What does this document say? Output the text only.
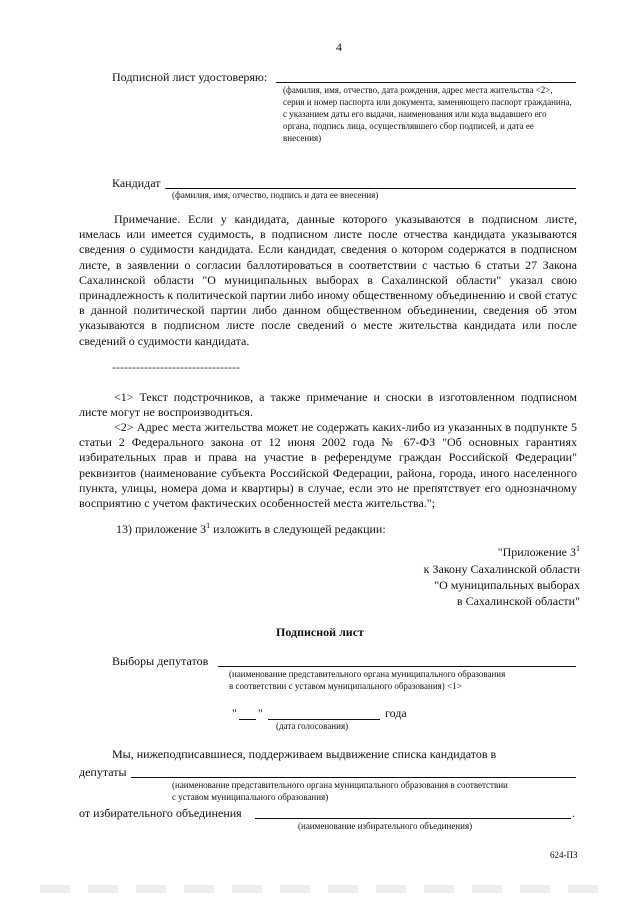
4
Подписной лист удостоверяю:
(фамилия, имя, отчество, дата рождения, адрес места жительства <2>, серия и номер паспорта или документа, заменяющего паспорт гражданина, с указанием даты его выдачи, наименования или кода выдавшего его органа, подпись лица, осуществлявшего сбор подписей, и дата ее внесения)
Кандидат
(фамилия, имя, отчество, подпись и дата ее внесения)
Примечание. Если у кандидата, данные которого указываются в подписном листе, имелась или имеется судимость, в подписном листе после отчества кандидата указываются сведения о судимости кандидата. Если кандидат, сведения о котором содержатся в подписном листе, в заявлении о согласии баллотироваться в соответствии с частью 6 статьи 27 Закона Сахалинской области "О муниципальных выборах в Сахалинской области" указал свою принадлежность к политической партии либо иному общественному объединению и свой статус в данной политической партии либо данном общественном объединении, сведения об этом указываются в подписном листе после сведений о месте жительства кандидата или после сведений о судимости кандидата.
--------------------------------
<1> Текст подстрочников, а также примечание и сноски в изготовленном подписном листе могут не воспроизводиться.
<2> Адрес места жительства может не содержать каких-либо из указанных в подпункте 5 статьи 2 Федерального закона от 12 июня 2002 года № 67-ФЗ "Об основных гарантиях избирательных прав и права на участие в референдуме граждан Российской Федерации" реквизитов (наименование субъекта Российской Федерации, района, города, иного населенного пункта, улицы, номера дома и квартиры) в случае, если это не препятствует его однозначному восприятию с учетом фактических особенностей места жительства.";
13) приложение $3^1$ изложить в следующей редакции:
"Приложение $3^1$
к Закону Сахалинской области
"О муниципальных выборах
в Сахалинской области"
Подписной лист
Выборы депутатов
(наименование представительного органа муниципального образования
в соответствии с уставом муниципального образования) <1>
" "	года
(дата голосования)
Мы, нижеподписавшиеся, поддерживаем выдвижение списка кандидатов в
депутаты
(наименование представительного органа муниципального образования в соответствии
с уставом муниципального образования)
от избирательного объединения	.
(наименование избирательного объединения)
624-ПЗ
